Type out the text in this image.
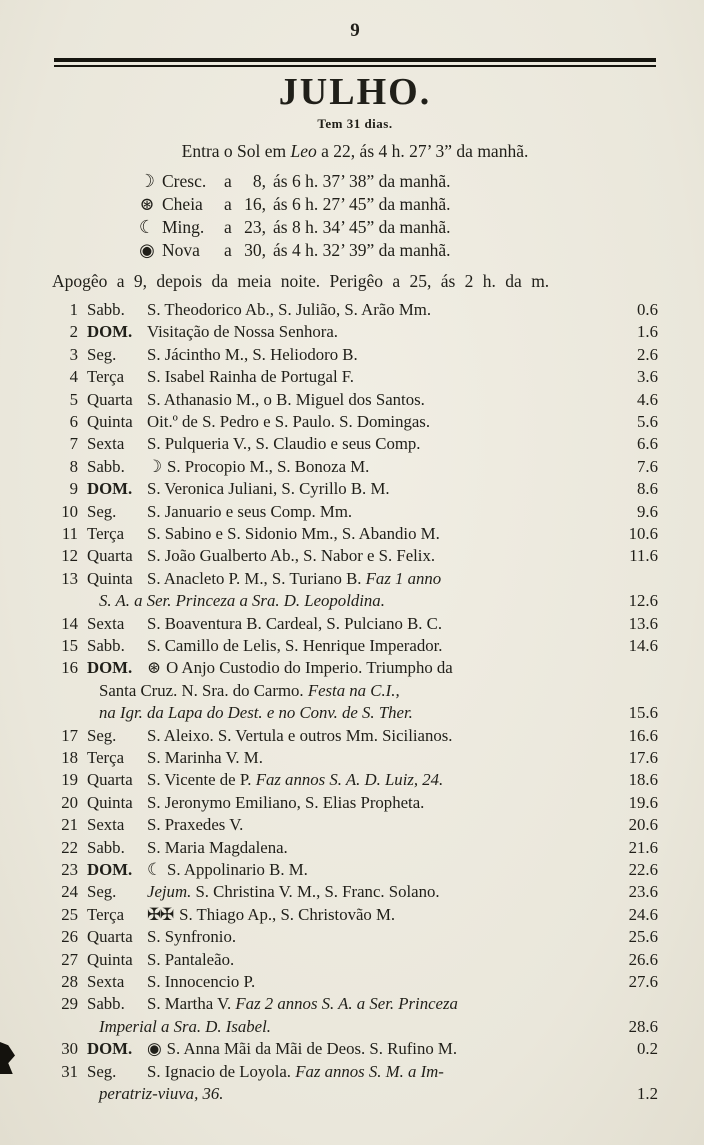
9
JULHO.
Tem 31 dias.
Entra o Sol em Leo a 22, ás 4 h. 27’ 3” da manhã.
☽ Cresc.	a	8, ás 6 h. 37’ 38” da manhã.
⊛ Cheia	a 16, ás 6 h. 27’ 45” da manhã.
☾ Ming.	a 23, ás 8 h. 34’ 45” da manhã.
◉ Nova	a 30, ás 4 h. 32’ 39” da manhã.
Apogêo a 9, depois da meia noite. Perigêo a 25, ás 2 h. da m.
1 Sabb.	S. Theodorico Ab., S. Julião, S. Arão Mm.	0.6
2 DOM. Visitação de Nossa Senhora.	1.6
3 Seg.	S. Jácintho M., S. Heliodoro B.	2.6
4 Terça	S. Isabel Rainha de Portugal F.	3.6
5 Quarta S. Athanasio M., o B. Miguel dos Santos.	4.6
6 Quinta Oit.º de S. Pedro e S. Paulo. S. Domingas.	5.6
7 Sexta	S. Pulqueria V., S. Claudio e seus Comp.	6.6
8 Sabb.	☽ S. Procopio M., S. Bonoza M.	7.6
9 DOM. S. Veronica Juliani, S. Cyrillo B. M.	8.6
10 Seg.	S. Januario e seus Comp. Mm.	9.6
11 Terça	S. Sabino e S. Sidonio Mm., S. Abandio M.	10.6
12 Quarta S. João Gualberto Ab., S. Nabor e S. Felix.	11.6
13 Quinta S. Anacleto P. M., S. Turiano B. Faz 1 anno
S. A. a Ser. Princeza a Sra. D. Leopoldina.	12.6
14 Sexta	S. Boaventura B. Cardeal, S. Pulciano B. C.	13.6
15 Sabb.	S. Camillo de Lelis, S. Henrique Imperador.	14.6
16 DOM. ⊛ O Anjo Custodio do Imperio. Triumpho da
Santa Cruz. N. Sra. do Carmo. Festa na C.I.,
na Igr. da Lapa do Dest. e no Conv. de S. Ther.	15.6
17 Seg.	S. Aleixo. S. Vertula e outros Mm. Sicilianos.	16.6
18 Terça	S. Marinha V. M.	17.6
19 Quarta S. Vicente de P. Faz annos S. A. D. Luiz, 24.	18.6
20 Quinta S. Jeronymo Emiliano, S. Elias Propheta.	19.6
21 Sexta	S. Praxedes V.	20.6
22 Sabb.	S. Maria Magdalena.	21.6
23 DOM. ☾ S. Appolinario B. M.	22.6
24 Seg.	Jejum. S. Christina V. M., S. Franc. Solano.	23.6
25 Terça	✠✠ S. Thiago Ap., S. Christovão M.	24.6
26 Quarta S. Synfronio.	25.6
27 Quinta S. Pantaleão.	26.6
28 Sexta	S. Innocencio P.	27.6
29 Sabb.	S. Martha V. Faz 2 annos S. A. a Ser. Princeza
Imperial a Sra. D. Isabel.	28.6
30 DOM. ◉ S. Anna Mãi da Mãi de Deos. S. Rufino M.	0.2
31 Seg.	S. Ignacio de Loyola. Faz annos S. M. a Im-
peratriz-viuva, 36.	1.2
